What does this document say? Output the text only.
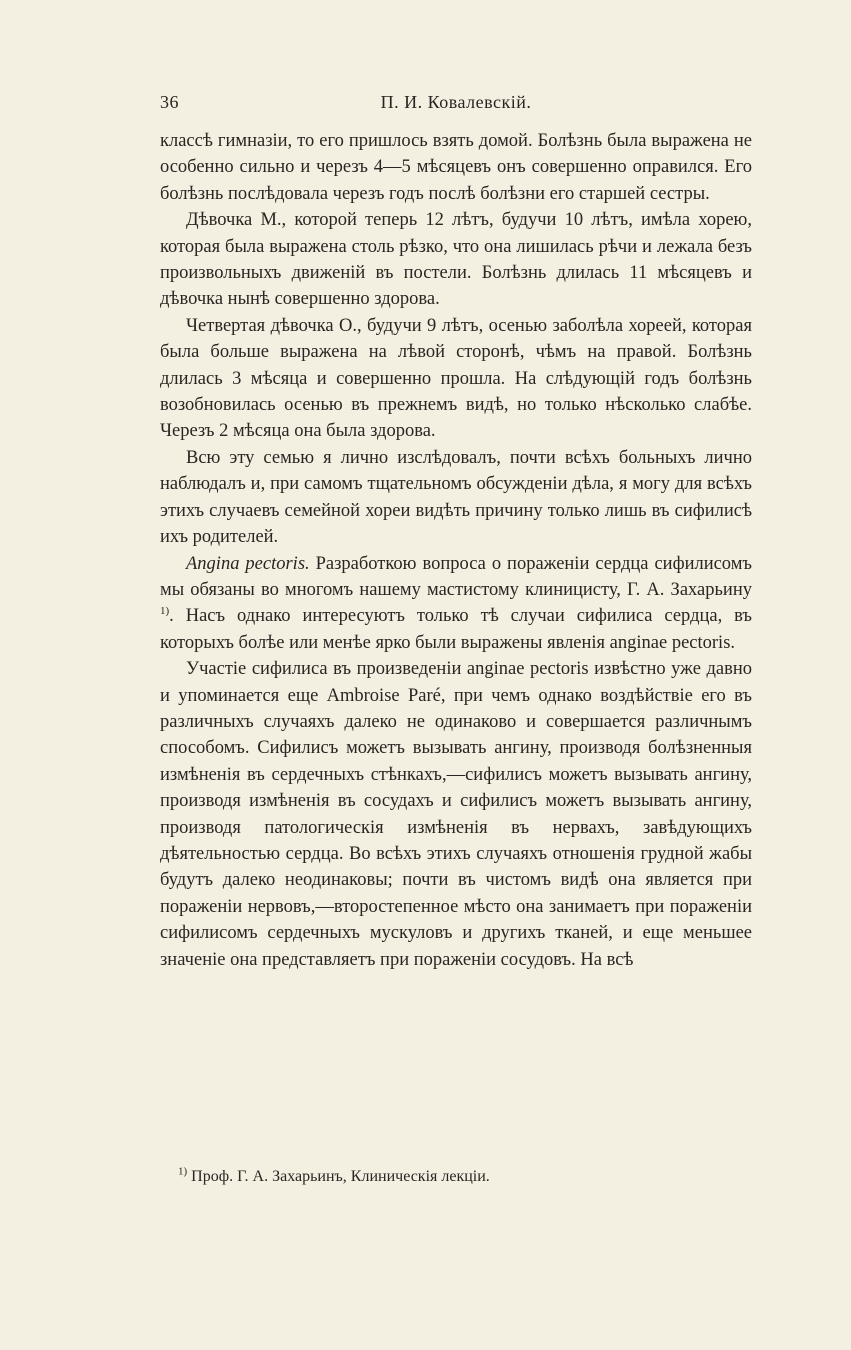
36	П. И. Ковалевскій.

классѣ гимназіи, то его пришлось взять домой. Болѣзнь была выражена не особенно сильно и черезъ 4—5 мѣсяцевъ онъ совершенно оправился. Его болѣзнь послѣдовала черезъ годъ послѣ болѣзни его старшей сестры.

Дѣвочка М., которой теперь 12 лѣтъ, будучи 10 лѣтъ, имѣла хорею, которая была выражена столь рѣзко, что она лишилась рѣчи и лежала безъ произвольныхъ движеній въ постели. Болѣзнь длилась 11 мѣсяцевъ и дѣвочка нынѣ совершенно здорова.

Четвертая дѣвочка О., будучи 9 лѣтъ, осенью заболѣла хореей, которая была больше выражена на лѣвой сторонѣ, чѣмъ на правой. Болѣзнь длилась 3 мѣсяца и совершенно прошла. На слѣдующій годъ болѣзнь возобновилась осенью въ прежнемъ видѣ, но только нѣсколько слабѣе. Черезъ 2 мѣсяца она была здорова.

Всю эту семью я лично изслѣдовалъ, почти всѣхъ больныхъ лично наблюдалъ и, при самомъ тщательномъ обсужденіи дѣла, я могу для всѣхъ этихъ случаевъ семейной хореи видѣть причину только лишь въ сифилисѣ ихъ родителей.

Angina pectoris. Разработкою вопроса о пораженіи сердца сифилисомъ мы обязаны во многомъ нашему мастистому клиницисту, Г. А. Захарьину $^{1)}$. Насъ однако интересуютъ только тѣ случаи сифилиса сердца, въ которыхъ болѣе или менѣе ярко были выражены явленія anginae pectoris.

Участіе сифилиса въ произведеніи anginae pectoris извѣстно уже давно и упоминается еще Ambroise Paré, при чемъ однако воздѣйствіе его въ различныхъ случаяхъ далеко не одинаково и совершается различнымъ способомъ. Сифилисъ можетъ вызывать ангину, производя болѣзненныя измѣненія въ сердечныхъ стѣнкахъ,—сифилисъ можетъ вызывать ангину, производя измѣненія въ сосудахъ и сифилисъ можетъ вызывать ангину, производя патологическія измѣненія въ нервахъ, завѣдующихъ дѣятельностью сердца. Во всѣхъ этихъ случаяхъ отношенія грудной жабы будутъ далеко неодинаковы; почти въ чистомъ видѣ она является при пораженіи нервовъ,—второстепенное мѣсто она занимаетъ при пораженіи сифилисомъ сердечныхъ мускуловъ и другихъ тканей, и еще меньшее значеніе она представляетъ при пораженіи сосудовъ. На всѣ

$^{1)}$ Проф. Г. А. Захарьинъ, Клиническія лекціи.
